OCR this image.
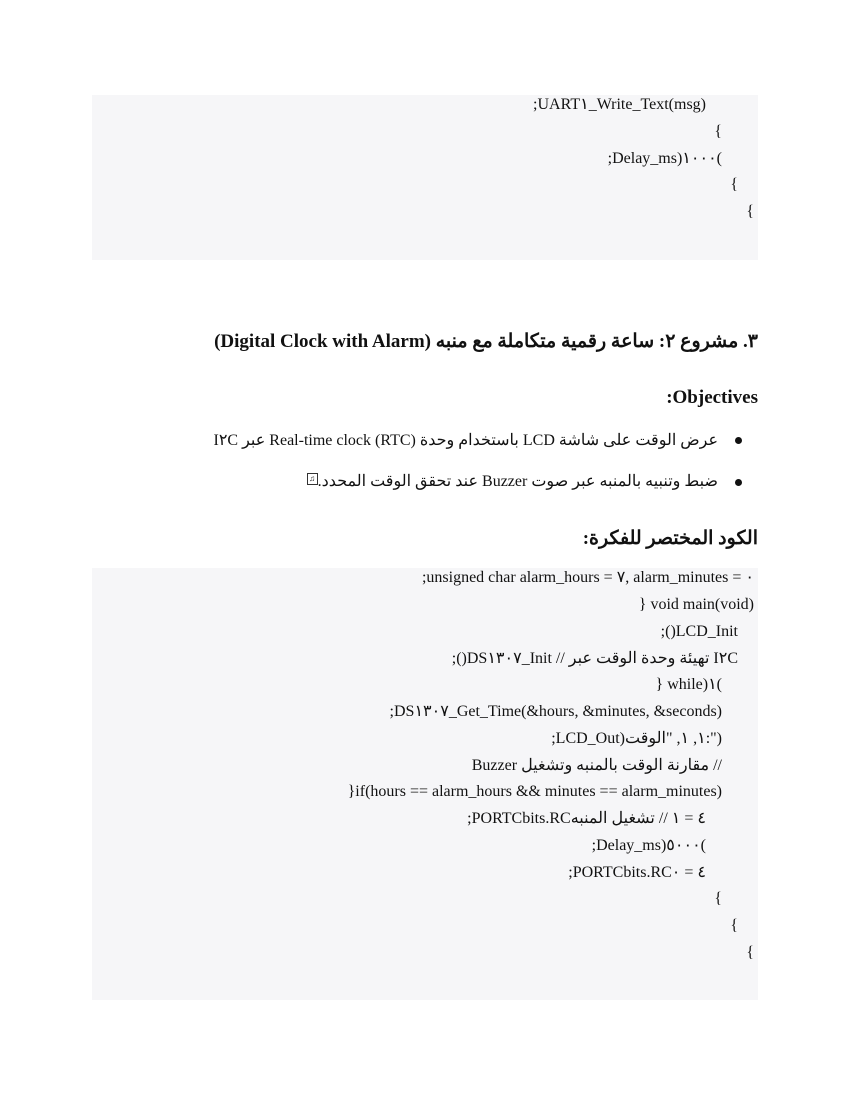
;UART١_Write_Text(msg)
{
;Delay_ms)١٠٠٠(
{
{
٣. مشروع ٢: ساعة رقمية متكاملة مع منبه (Digital Clock with Alarm)
:Objectives
عرض الوقت على شاشة LCD باستخدام وحدة Real-time clock (RTC) عبر I٢C
ضبط وتنبيه بالمنبه عبر صوت Buzzer عند تحقق الوقت المحدد.♫
الكود المختصر للفكرة:
;unsigned char alarm_hours = ٧, alarm_minutes = ٠
} void main(void)
;()LCD_Init
;()DS١٣٠٧_Init // تهيئة وحدة الوقت عبر I٢C
} while)١(
;DS١٣٠٧_Get_Time(&hours, &minutes, &seconds)
;LCD_Out)١, ١, "الوقت:")
// مقارنة الوقت بالمنبه وتشغيل Buzzer
}if(hours == alarm_hours && minutes == alarm_minutes)
;PORTCbits.RC٤ = ١ // تشغيل المنبه
;Delay_ms)٥٠٠٠(
;PORTCbits.RC٤ = ٠
{
{
{
